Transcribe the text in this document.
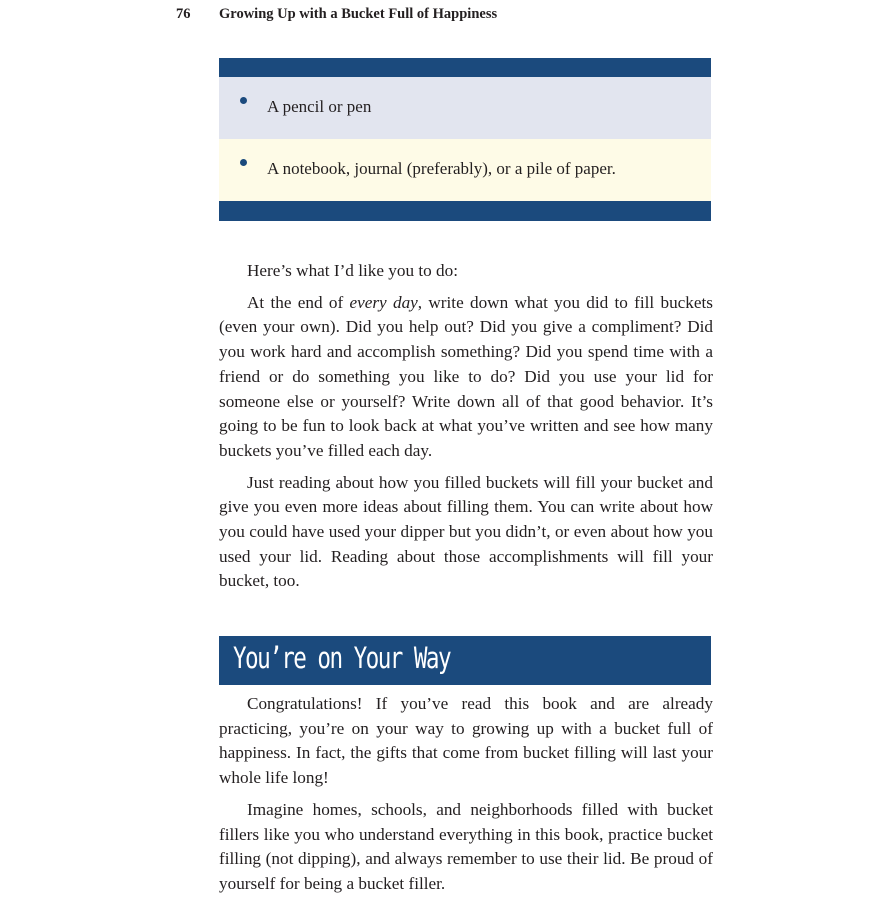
76 Growing Up with a Bucket Full of Happiness
A pencil or pen
A notebook, journal (preferably), or a pile of paper.

Here’s what I’d like you to do:

At the end of every day, write down what you did to fill buckets (even your own). Did you help out? Did you give a compliment? Did you work hard and accomplish something? Did you spend time with a friend or do something you like to do? Did you use your lid for someone else or yourself? Write down all of that good behavior. It’s going to be fun to look back at what you’ve written and see how many buckets you’ve filled each day.

Just reading about how you filled buckets will fill your bucket and give you even more ideas about filling them. You can write about how you could have used your dipper but you didn’t, or even about how you used your lid. Reading about those accomplishments will fill your bucket, too.

You’re on Your Way

Congratulations! If you’ve read this book and are already practicing, you’re on your way to growing up with a bucket full of happiness. In fact, the gifts that come from bucket filling will last your whole life long!

Imagine homes, schools, and neighborhoods filled with bucket fillers like you who understand everything in this book, practice bucket filling (not dipping), and always remember to use their lid. Be proud of yourself for being a bucket filler.
